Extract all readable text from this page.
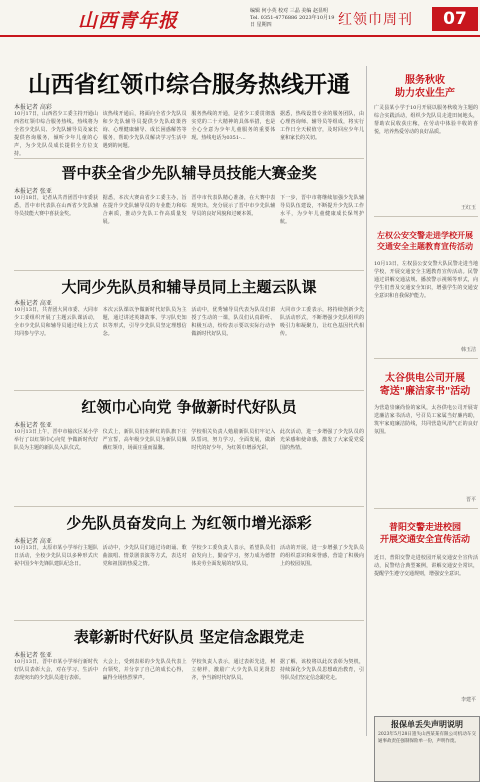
山西青年报	编辑 何小英 校对 三晶 美编 赵显明
Tel. 0351-4776886 2023年10月19日 星期四	红领巾周刊	07
山西省红领巾综合服务热线开通
本报记者 高彩
10月17日，山西省少工委主持开通山西省红领巾综合服务热线。热线将为全省少先队员、少先队辅导员及家长提供咨询服务，倾听少年儿童的心声，为少先队员成长提供全方位支持。
该热线开通后，将面向全省少先队员和少先队辅导员提供少先队政策咨询、心理健康辅导、成长困惑解答等服务，帮助少先队员解决学习生活中遇到的问题。
服务热线的开通，是省少工委贯彻落实党的二十大精神的具体举措，也是全心全意为少年儿童服务的重要体现。热线电话为0351-…
据悉，热线设置专业的服务团队，由心理咨询师、辅导员等组成，将实行工作日全天候值守，及时回应少年儿童和家长的关切。
晋中获全省少先队辅导员技能大赛金奖
本报记者 张亚
10月18日，记者从共青团晋中市委获悉，晋中市代表队在山西省少先队辅导员技能大赛中喜获金奖。
据悉，本次大赛由省少工委主办，旨在提升少先队辅导员的专业能力和综合素质，推动少先队工作高质量发展。
晋中市代表队精心准备，在大赛中表现突出，充分展示了晋中市少先队辅导员的良好风貌和过硬本领。
下一步，晋中市将继续加强少先队辅导员队伍建设，不断提升少先队工作水平，为少年儿童健康成长保驾护航。
大同少先队员和辅导员同上主题云队课
本报记者 高亚
10月13日，共青团大同市委、大同市少工委组织开展了主题云队课活动，全市少先队员和辅导员通过线上方式共同参与学习。
本次云队课以争做新时代好队员为主题，通过讲述英雄故事、学习队史知识等形式，引导少先队员坚定理想信念。
活动中，优秀辅导员代表为队员们讲授了生动的一课，队员们认真聆听、积极互动，纷纷表示要以实际行动争做新时代好队员。
大同市少工委表示，将持续创新少先队活动形式，不断增强少先队组织的吸引力和凝聚力，让红色基因代代相传。
红领巾心向党 争做新时代好队员
本报记者 张亚
10月13日上午，晋中市榆次区某小学举行了以红领巾心向党 争做新时代好队员为主题的新队员入队仪式。
仪式上，新队员们在鲜红的队旗下庄严宣誓，高年级少先队员为新队员佩戴红领巾，场面庄重而温馨。
学校相关负责人勉励新队员们牢记入队誓词，努力学习，全面发展，做新时代的好少年，为红领巾增添光彩。
此次活动，进一步增强了少先队员的光荣感和使命感，激发了大家爱党爱国的热情。
少先队员奋发向上 为红领巾增光添彩
本报记者 高亚
10月13日，太原市某小学举行主题队日活动，全校少先队员以多种形式庆祝中国少年先锋队建队纪念日。
活动中，少先队员们通过诗朗诵、歌曲演唱、情景剧表演等方式，表达对党和祖国的热爱之情。
学校少工委负责人表示，希望队员们奋发向上，勤奋学习，努力成为德智体美劳全面发展的好队员。
活动的开展，进一步增强了少先队员的组织意识和荣誉感，营造了积极向上的校园氛围。
表彰新时代好队员 坚定信念跟党走
本报记者 张亚
10月13日，晋中市某小学举行新时代好队员表彰大会，对在学习、生活中表现突出的少先队员进行表彰。
大会上，受到表彰的少先队员代表上台领奖，并分享了自己的成长心得，赢得全场热烈掌声。
学校负责人表示，通过表彰先进，树立榜样，激励广大少先队员见贤思齐，争当新时代好队员。
据了解，该校将以此次表彰为契机，持续深化少先队员思想政治教育，引导队员们坚定信念跟党走。
服务秋收
助力农业生产
广灵县某小学于10月开展以服务秋收为主题的综合实践活动，组织少先队员走进田间地头，帮助农民收获庄稼，在劳动中体验丰收的喜悦，培养热爱劳动的良好品质。
王红玉
左权公安交警走进学校开展
交通安全主题教育宣传活动
10月13日，左权县公安交警大队民警走进当地学校，开展交通安全主题教育宣传活动。民警通过讲解交通法规、播放警示视频等形式，向学生们普及交通安全知识，增强学生的交通安全意识和自我保护能力。
韩玉洁
太谷供电公司开展
寄送"廉洁家书"活动
为营造崇廉尚俭的家风，太谷供电公司开展寄送廉洁家书活动，号召员工家属当好廉内助，筑牢家庭廉洁防线，共同营造风清气正的良好氛围。
晋平
普阳交警走进校园
开展交通安全宣传活动
近日，普阳交警走进校园开展交通安全宣传活动，民警结合典型案例，讲解交通安全常识，提醒学生遵守交通规则，增强安全意识。
李建平
报保单丢失声明说明
2023年5月28日遗失山西某某有限公司机动车交通事故责任强制保险单一份，声明作废。
